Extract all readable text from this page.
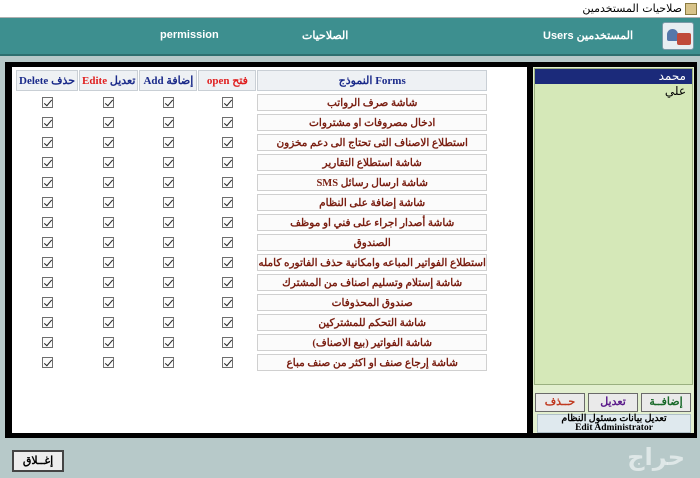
صلاحيات المستخدمين
permission	الصلاحيات	Users المستخدمين
Delete حذف	Edite تعديل	Add إضافة	open فتح	النموذج Forms
				شاشة صرف الرواتب
				ادخال مصروفات او مشتروات
				استطلاع الاصناف التى تحتاج الى دعم مخزون
				شاشة استطلاع التقارير
				شاشة ارسال رسائل SMS
				شاشة إضافة على النظام
				شاشة أصدار اجراء على فني او موظف
				الصندوق
				استطلاع الفواتير المباعه وامكانية حذف الفاتوره كامله
				شاشة إستلام وتسليم اصناف من المشترك
				صندوق المحذوفات
				شاشة التحكم للمشتركين
				شاشة الفواتير (بيع الاصناف)
				شاشة إرجاع صنف او اكثر من صنف مباع
محمد
علي
حــذف	تعديل	إضافــة
تعديل بيانات مسئول النظام
Edit Administrator
إغــلاق	حراج
